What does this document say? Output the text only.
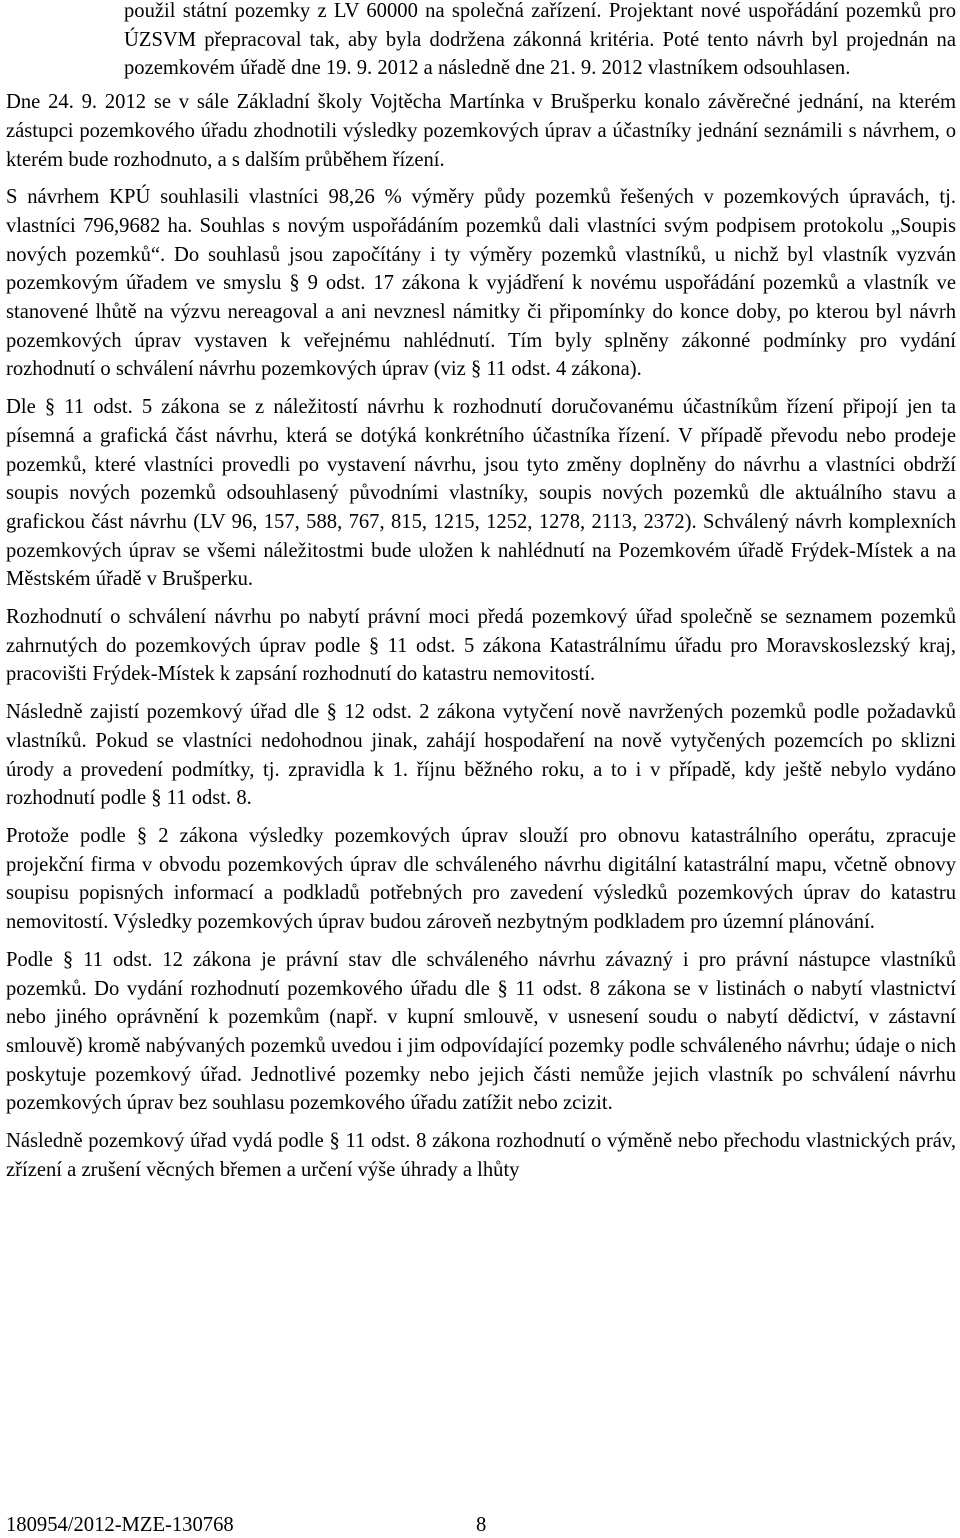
použil státní pozemky z LV 60000 na společná zařízení. Projektant nové uspořádání pozemků pro ÚZSVM přepracoval tak, aby byla dodržena zákonná kritéria. Poté tento návrh byl projednán na pozemkovém úřadě dne 19. 9. 2012 a následně dne 21. 9. 2012 vlastníkem odsouhlasen.

Dne 24. 9. 2012 se v sále Základní školy Vojtěcha Martínka v Brušperku konalo závěrečné jednání, na kterém zástupci pozemkového úřadu zhodnotili výsledky pozemkových úprav a účastníky jednání seznámili s návrhem, o kterém bude rozhodnuto, a s dalším průběhem řízení.

S návrhem KPÚ souhlasili vlastníci 98,26 % výměry půdy pozemků řešených v pozemkových úpravách, tj. vlastníci 796,9682 ha. Souhlas s novým uspořádáním pozemků dali vlastníci svým podpisem protokolu „Soupis nových pozemků“. Do souhlasů jsou započítány i ty výměry pozemků vlastníků, u nichž byl vlastník vyzván pozemkovým úřadem ve smyslu § 9 odst. 17 zákona k vyjádření k novému uspořádání pozemků a vlastník ve stanovené lhůtě na výzvu nereagoval a ani nevznesl námitky či připomínky do konce doby, po kterou byl návrh pozemkových úprav vystaven k veřejnému nahlédnutí. Tím byly splněny zákonné podmínky pro vydání rozhodnutí o schválení návrhu pozemkových úprav (viz § 11 odst. 4 zákona).

Dle § 11 odst. 5 zákona se z náležitostí návrhu k rozhodnutí doručovanému účastníkům řízení připojí jen ta písemná a grafická část návrhu, která se dotýká konkrétního účastníka řízení. V případě převodu nebo prodeje pozemků, které vlastníci provedli po vystavení návrhu, jsou tyto změny doplněny do návrhu a vlastníci obdrží soupis nových pozemků odsouhlasený původními vlastníky, soupis nových pozemků dle aktuálního stavu a grafickou část návrhu (LV 96, 157, 588, 767, 815, 1215, 1252, 1278, 2113, 2372). Schválený návrh komplexních pozemkových úprav se všemi náležitostmi bude uložen k nahlédnutí na Pozemkovém úřadě Frýdek-Místek a na Městském úřadě v Brušperku.

Rozhodnutí o schválení návrhu po nabytí právní moci předá pozemkový úřad společně se seznamem pozemků zahrnutých do pozemkových úprav podle § 11 odst. 5 zákona Katastrálnímu úřadu pro Moravskoslezský kraj, pracovišti Frýdek-Místek k zapsání rozhodnutí do katastru nemovitostí.

Následně zajistí pozemkový úřad dle § 12 odst. 2 zákona vytyčení nově navržených pozemků podle požadavků vlastníků. Pokud se vlastníci nedohodnou jinak, zahájí hospodaření na nově vytyčených pozemcích po sklizni úrody a provedení podmítky, tj. zpravidla k 1. říjnu běžného roku, a to i v případě, kdy ještě nebylo vydáno rozhodnutí podle § 11 odst. 8.

Protože podle § 2 zákona výsledky pozemkových úprav slouží pro obnovu katastrálního operátu, zpracuje projekční firma v obvodu pozemkových úprav dle schváleného návrhu digitální katastrální mapu, včetně obnovy soupisu popisných informací a podkladů potřebných pro zavedení výsledků pozemkových úprav do katastru nemovitostí. Výsledky pozemkových úprav budou zároveň nezbytným podkladem pro územní plánování.

Podle § 11 odst. 12 zákona je právní stav dle schváleného návrhu závazný i pro právní nástupce vlastníků pozemků. Do vydání rozhodnutí pozemkového úřadu dle § 11 odst. 8 zákona se v listinách o nabytí vlastnictví nebo jiného oprávnění k pozemkům (např. v kupní smlouvě, v usnesení soudu o nabytí dědictví, v zástavní smlouvě) kromě nabývaných pozemků uvedou i jim odpovídající pozemky podle schváleného návrhu; údaje o nich poskytuje pozemkový úřad. Jednotlivé pozemky nebo jejich části nemůže jejich vlastník po schválení návrhu pozemkových úprav bez souhlasu pozemkového úřadu zatížit nebo zcizit.

Následně pozemkový úřad vydá podle § 11 odst. 8 zákona rozhodnutí o výměně nebo přechodu vlastnických práv, zřízení a zrušení věcných břemen a určení výše úhrady a lhůty

180954/2012-MZE-130768	8
